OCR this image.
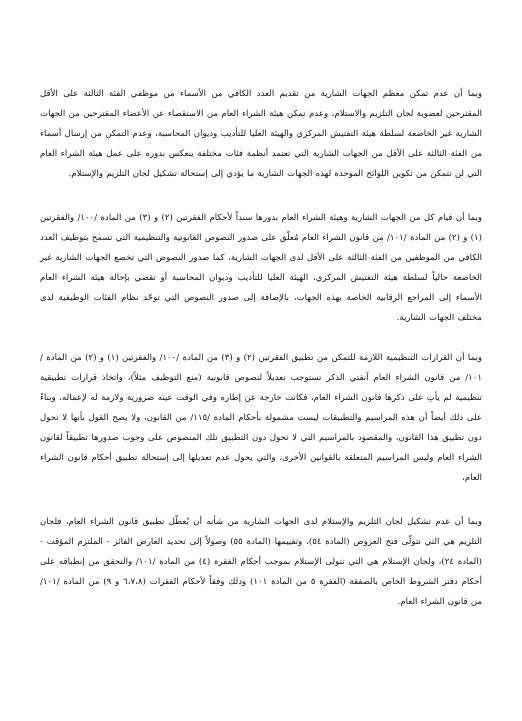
وبما أن عدم تمكن معظم الجهات الشارية من تقديم العدد الكافي من الأسماء من موظفي الفئة الثالثة على الأقل المقترحين لعضوية لجان التلزيم والاستلام، وعدم تمكن هيئة الشراء العام من الاستقصاء عن الأعضاء المقترحين من الجهات الشارية غير الخاضعة لسلطة هيئة التفتيش المركزي والهيئة العليا للتأديب وديوان المحاسبة، وعدم التمكن من إرسال أسماء من الفئة الثالثة على الأقل من الجهات الشارية التي تعتمد أنظمة فئات مختلفة ينعكس بدوره على عمل هيئة الشراء العام التي لن تتمكن من تكوين اللوائح الموحدة لهذه الجهات الشارية ما يؤدي إلى إستحالة تشكيل لجان التلزيم والإستلام.

وبما أن قيام كل من الجهات الشارية وهيئة الشراء العام بدورها سنداً لأحكام الفقرتين (٢) و (٣) من المادة /١٠٠/ والفقرتين (١) و (٢) من المادة /١٠١/ من قانون الشراء العام مُعلّق على صدور النصوص القانونية والتنظيمية التي تسمح بتوظيف العدد الكافي من الموظفين من الفئة الثالثة على الأقل لدى الجهات الشارية، كما صدور النصوص التي تخضع الجهات الشارية غير الخاضعة حالياً لسلطة هيئة التفتيش المركزي، الهيئة العليا للتأديب وديوان المحاسبة أو تقضي بإحالة هيئة الشراء العام الأسماء إلى المراجع الرقابية الخاصة بهذه الجهات، بالإضافة إلى صدور النصوص التي توحّد نظام الفئات الوظيفية لدى مختلف الجهات الشارية.

وبما أن القرارات التنظيمية اللازمة للتمكن من تطبيق الفقرتين (٢) و (٣) من المادة /١٠٠/ والفقرتين (١) و (٢) من المادة /١٠١/ من قانون الشراء العام آنفتي الذكر تستوجب تعديلاً لنصوص قانونية (منع التوظيف مثلاً)، واتخاذ قرارات تطبيقية تنظيمية لم يأتِ على ذكرها قانون الشراء العام، فكانت خارجة عن إطاره وفي الوقت عينه ضرورية ولازمة له لإعماله، وبناءً على ذلك أيضاً أن هذه المراسيم والتطبيقات ليست مشمولة بأحكام المادة /١١٥/ من القانون، ولا يصح القول بأنها لا تحول دون تطبيق هذا القانون، والمقصود بالمراسيم التي لا تحول دون التطبيق تلك المنصوص على وجوب صدورها تطبيقاً لقانون الشراء العام وليس المراسيم المتعلقة بالقوانين الأخرى، والتي يحول عدم تعديلها إلى إستحالة تطبيق أحكام قانون الشراء العام،

وبما أن عدم تشكيل لجان التلزيم والإستلام لدى الجهات الشارية من شأنه أن يُعطّل تطبيق قانون الشراء العام، فلجان التلزيم هي التي تتولّى فتح العروض (المادة ٥٤)، وتقييمها (المادة ٥٥) وصولاً إلى تحديد العارض الفائز - الملتزم المؤقت - (المادة ٢٤)، ولجان الإستلام هي التي تتولى الإستلام بموجب أحكام الفقرة (٤) من المادة /١٠١/ والتحقق من إنطباقه على أحكام دفتر الشروط الخاص بالصفقة (الفقرة ٥ من المادة ١٠١) وذلك وفقاً لأحكام الفقرات (٦،٧،٨ و ٩) من المادة /١٠١/ من قانون الشراء العام.
